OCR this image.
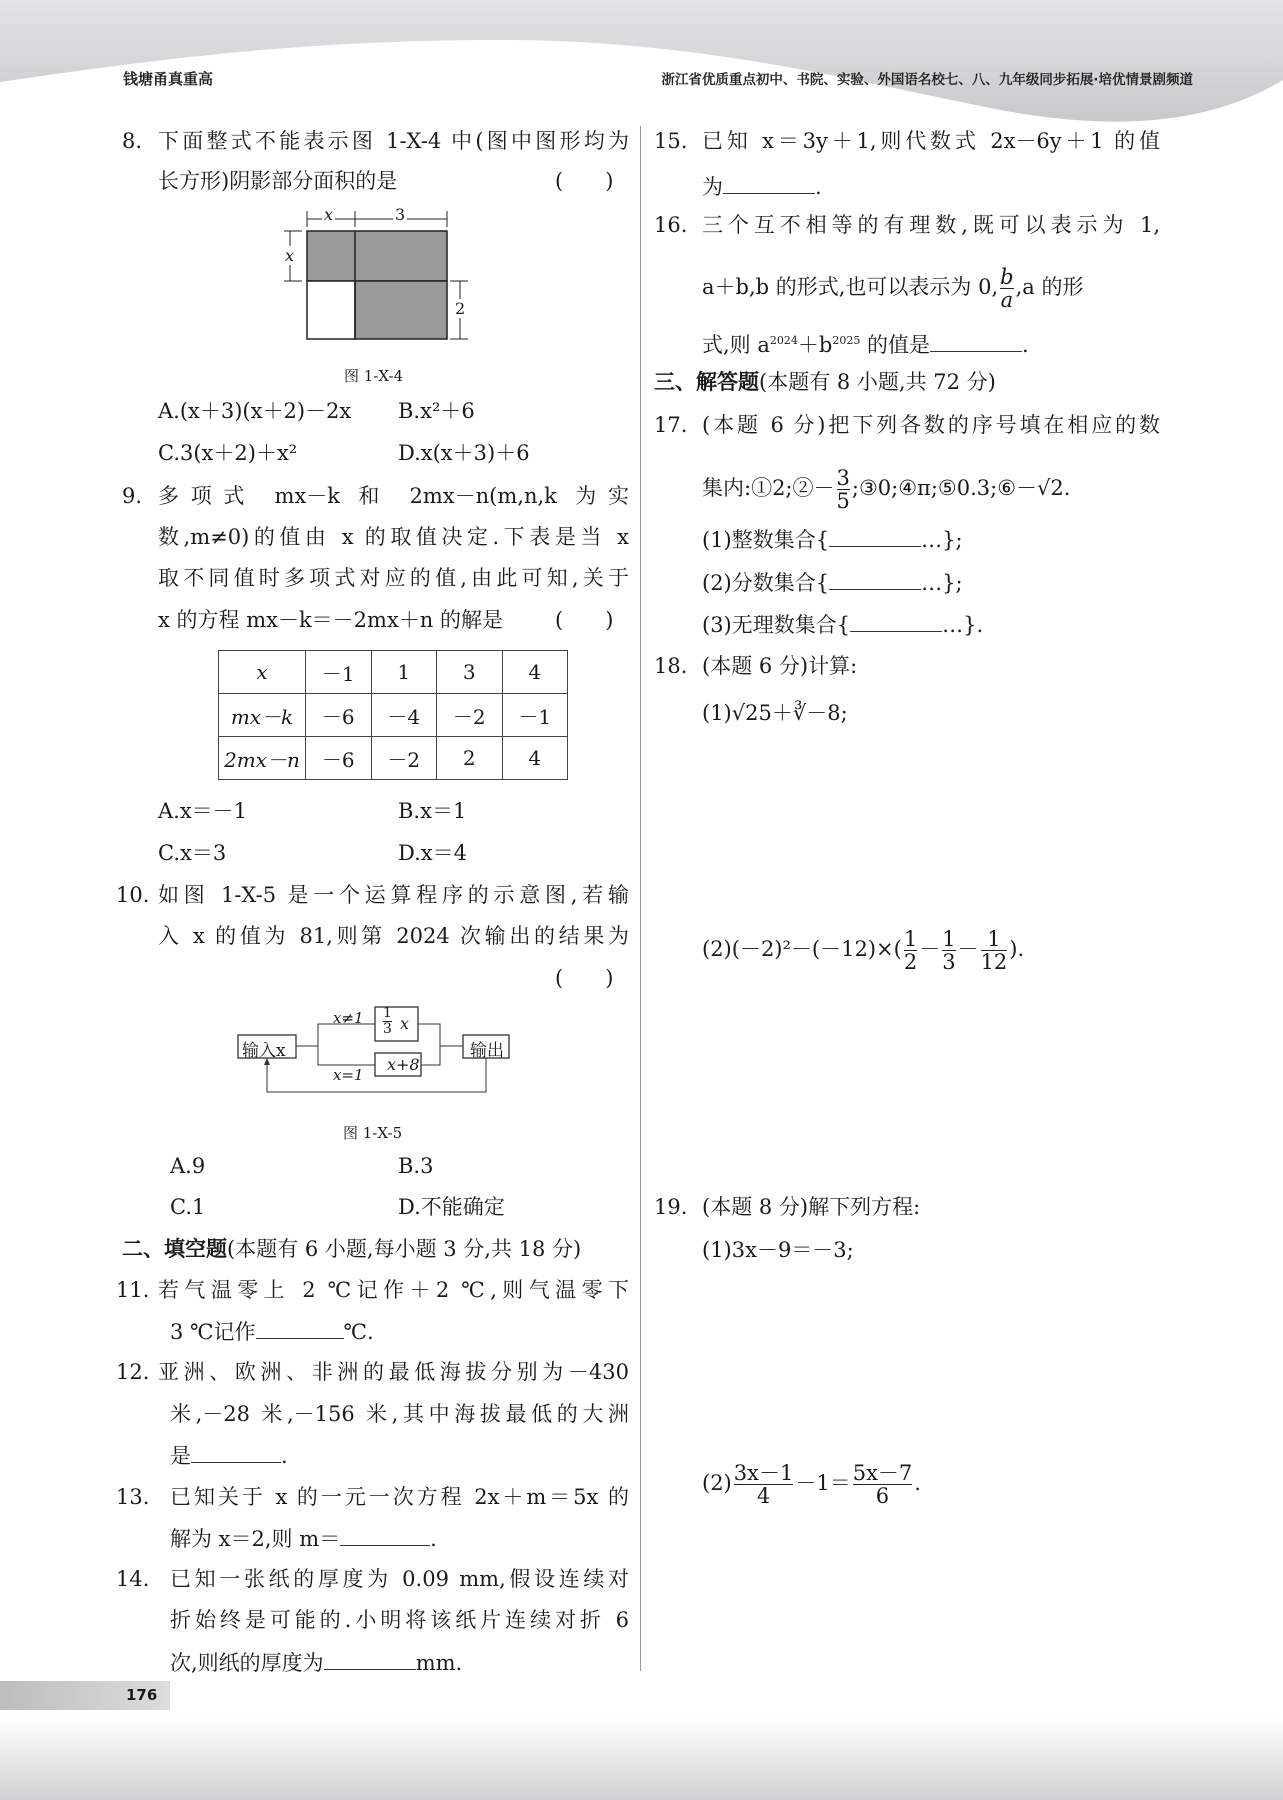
钱塘甬真重高	浙江省优质重点初中、书院、实验、外国语名校七、八、九年级同步拓展·培优情景剧频道
8. 下面整式不能表示图 1-X-4 中(图中图形均为
长方形)阴影部分面积的是	(　　)
x	3
x
2
图 1-X-4
A.(x＋3)(x＋2)－2x B.x²＋6
C.3(x＋2)＋x²	D.x(x＋3)＋6
9. 多项式 mx－k 和 2mx－n(m,n,k 为实
数,m≠0)的值由 x 的取值决定.下表是当 x
取不同值时多项式对应的值,由此可知,关于
x 的方程 mx－k＝－2mx＋n 的解是 (　　)
x	－1	1	3	4
mx－k	－6	－4	－2	－1
2mx－n	－6	－2	2	4
A.x＝－1	B.x＝1
C.x＝3	D.x＝4
10. 如图 1-X-5 是一个运算程序的示意图,若输
入 x 的值为 81,则第 2024 次输出的结果为
(　　)
输入x
$x\ne 1 \frac{1}{3}$ x
x+8
x=1
输出
图 1-X-5
A.9	B.3
C.1	D.不能确定
二、填空题(本题有 6 小题,每小题 3 分,共 18 分)
11. 若气温零上 2 ℃记作＋2 ℃,则气温零下
3 ℃记作	℃.
12. 亚洲、欧洲、非洲的最低海拔分别为－430
米,－28 米,－156 米,其中海拔最低的大洲
是	.
13. 已知关于 x 的一元一次方程 2x＋m＝5x 的
解为 x＝2,则 m＝	.
14. 已知一张纸的厚度为 0.09 mm,假设连续对
折始终是可能的.小明将该纸片连续对折 6
次,则纸的厚度为	mm.
15. 已知 x＝3y＋1,则代数式 2x－6y＋1 的值
为	.
16. 三个互不相等的有理数,既可以表示为 1,
a＋b,b 的形式,也可以表示为 0, $\frac{b}{a} ,a$ 的形
式,则 $a^{2024}+b^{2025}$ 的值是	.
三、解答题(本题有 8 小题,共 72 分)
17. (本题 6 分)把下列各数的序号填在相应的数
集内:①2;②－ $\frac{3}{5}$ ;③0;④π;⑤0.3;⑥－√2.
(1)整数集合{	…};
(2)分数集合{	…};
(3)无理数集合{	…}.
18. (本题 6 分)计算:
(1)√25＋∛－8;
$(2)(-2)^2-(-12)\times( \frac{1}{2} - \frac{1}{3} - \frac{1}{12}$ ).
19. (本题 8 分)解下列方程:
(1)3x－9＝－3;
$(2) \frac{3x-1}{4} -1= \frac{5x-7}{6}$ .
176
